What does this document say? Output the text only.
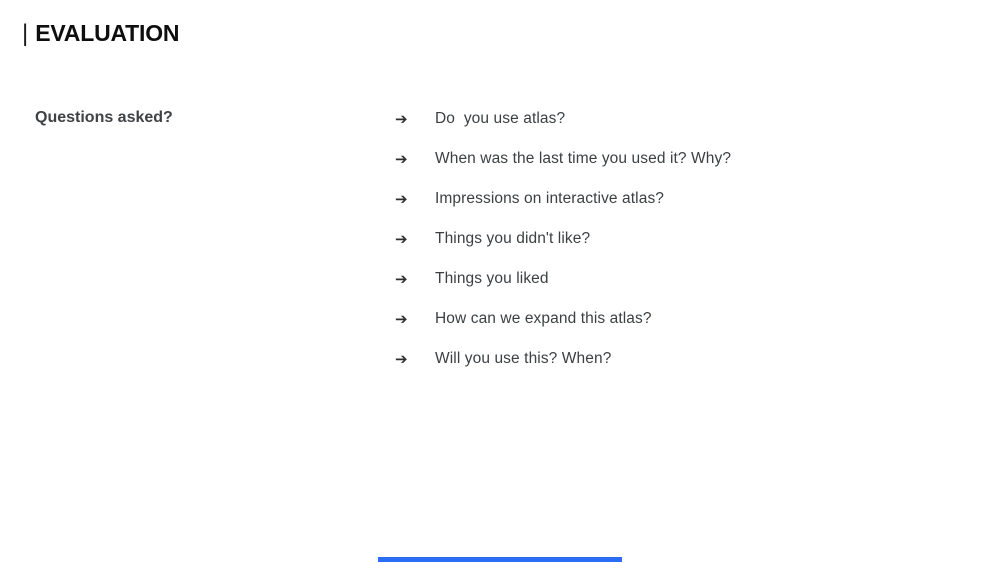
| EVALUATION
Questions asked?	➔	Do  you use atlas?
➔	When was the last time you used it? Why?
➔	Impressions on interactive atlas?
➔	Things you didn't like?
➔	Things you liked
➔	How can we expand this atlas?
➔	Will you use this? When?
